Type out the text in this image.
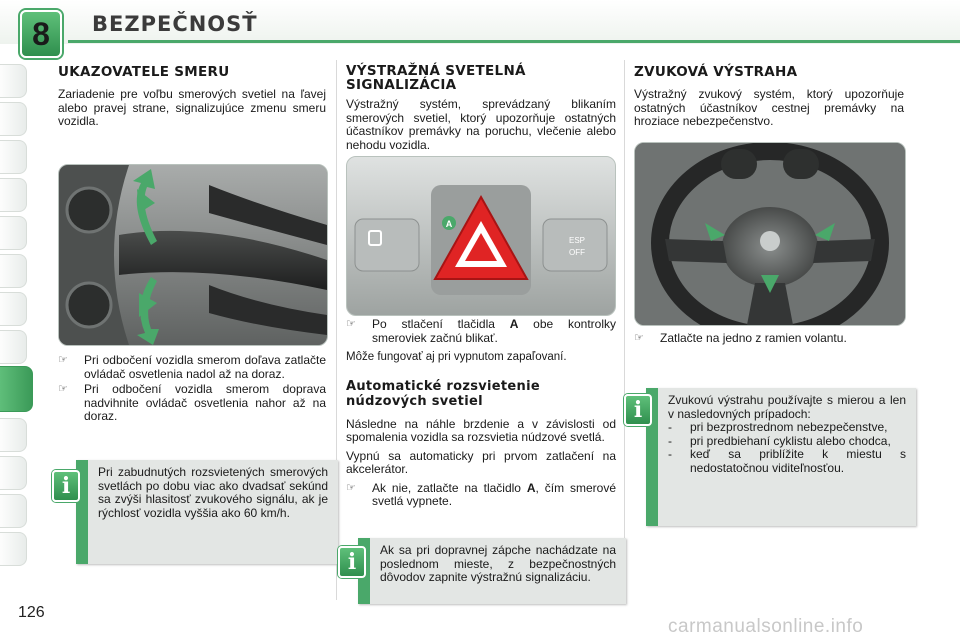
8	BEZPEČNOSŤ
UKAZOVATELE SMERU

Zariadenie pre voľbu smerových svetiel na ľavej alebo pravej strane, signalizujúce zmenu smeru vozidla.

☞	Pri odbočení vozidla smerom doľava zatlačte ovládač osvetlenia nadol až na doraz.
☞	Pri odbočení vozidla smerom doprava nadvihnite ovládač osvetlenia nahor až na doraz.
Pri zabudnutých rozsvietených smerových svetlách po dobu viac ako dvadsať sekúnd sa zvýši hlasitosť zvukového signálu, ak je rýchlosť vozidla vyššia ako 60 km/h.
i
VÝSTRAŽNÁ SVETELNÁ SIGNALIZÁCIA

Výstražný systém, sprevádzaný blikaním smerových svetiel, ktorý upozorňuje ostatných účastníkov premávky na poruchu, vlečenie alebo nehodu vozidla.

A
ESP
OFF
☞	Po stlačení tlačidla A obe kontrolky smeroviek začnú blikať.

Môže fungovať aj pri vypnutom zapaľovaní.

Automatické rozsvietenie núdzových svetiel

Následne na náhle brzdenie a v závislosti od spomalenia vozidla sa rozsvietia núdzové svetlá.

Vypnú sa automaticky pri prvom zatlačení na akcelerátor.

☞	Ak nie, zatlačte na tlačidlo A, čím smerové svetlá vypnete.
Ak sa pri dopravnej zápche nachádzate na poslednom mieste, z bezpečnostných dôvodov zapnite výstražnú signalizáciu.
i
ZVUKOVÁ VÝSTRAHA

Výstražný zvukový systém, ktorý upozorňuje ostatných účastníkov cestnej premávky na hroziace nebezpečenstvo.

☞	Zatlačte na jedno z ramien volantu.
Zvukovú výstrahu používajte s mierou a len v nasledovných prípadoch:
-	pri bezprostrednom nebezpečenstve,
-	pri predbiehaní cyklistu alebo chodca,
-	keď sa priblížite k miestu s nedostatočnou viditeľnosťou.
i
126
carmanualsonline.info
